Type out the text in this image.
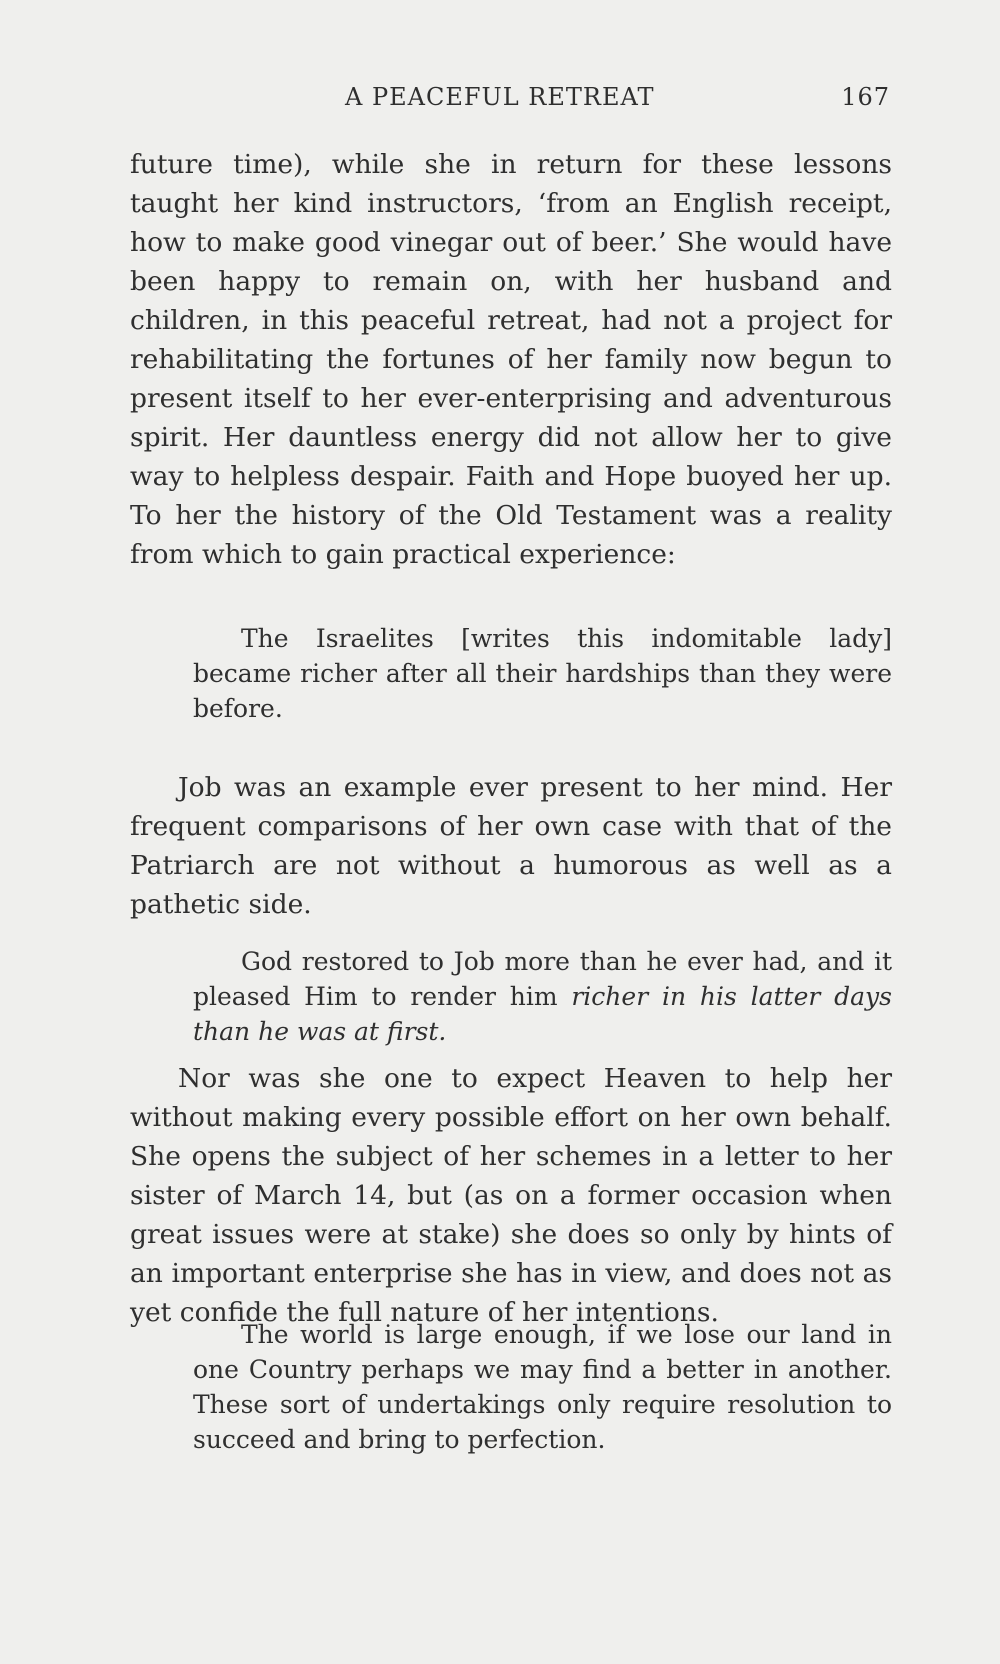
A PEACEFUL RETREAT	167

future time), while she in return for these lessons taught her kind instructors, ‘from an English receipt, how to make good vinegar out of beer.’ She would have been happy to remain on, with her husband and children, in this peaceful retreat, had not a project for rehabilitating the fortunes of her family now begun to present itself to her ever-enterprising and adventurous spirit. Her dauntless energy did not allow her to give way to helpless despair. Faith and Hope buoyed her up. To her the history of the Old Testament was a reality from which to gain practical experience:

The Israelites [writes this indomitable lady] became richer after all their hardships than they were before.

Job was an example ever present to her mind. Her frequent comparisons of her own case with that of the Patriarch are not without a humorous as well as a pathetic side.

God restored to Job more than he ever had, and it pleased Him to render him richer in his latter days than he was at first.

Nor was she one to expect Heaven to help her without making every possible effort on her own behalf. She opens the subject of her schemes in a letter to her sister of March 14, but (as on a former occasion when great issues were at stake) she does so only by hints of an important enterprise she has in view, and does not as yet confide the full nature of her intentions.

The world is large enough, if we lose our land in one Country perhaps we may find a better in another. These sort of undertakings only require resolution to succeed and bring to perfection.
